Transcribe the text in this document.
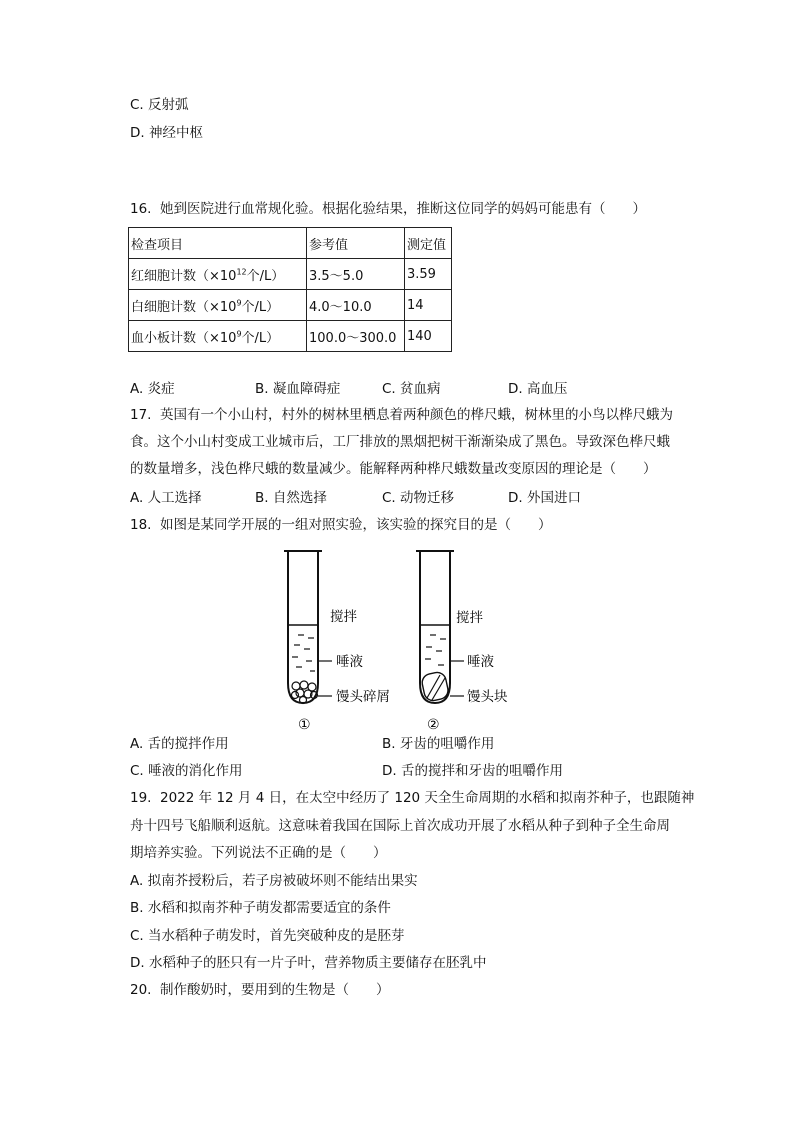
C. 反射弧
D. 神经中枢
16. 她到医院进行血常规化验。根据化验结果，推断这位同学的妈妈可能患有（　　）
检查项目	参考值	测定值
红细胞计数（$\times 10^{12}$个/L）	3.5～5.0	3.59
白细胞计数（$\times 10^9$个/L）	4.0～10.0	14
血小板计数（$\times 10^9$个/L）	100.0～300.0	140
A. 炎症	B. 凝血障碍症	C. 贫血病	D. 高血压
17. 英国有一个小山村，村外的树林里栖息着两种颜色的桦尺蛾，树林里的小鸟以桦尺蛾为
食。这个小山村变成工业城市后，工厂排放的黑烟把树干渐渐染成了黑色。导致深色桦尺蛾
的数量增多，浅色桦尺蛾的数量减少。能解释两种桦尺蛾数量改变原因的理论是（　　）
A. 人工选择	B. 自然选择	C. 动物迁移	D. 外国进口
18. 如图是某同学开展的一组对照实验，该实验的探究目的是（　　）
搅拌
唾液
馒头碎屑
①
搅拌
唾液
馒头块
②
A. 舌的搅拌作用	B. 牙齿的咀嚼作用
C. 唾液的消化作用	D. 舌的搅拌和牙齿的咀嚼作用
19. 2022 年 12 月 4 日，在太空中经历了 120 天全生命周期的水稻和拟南芥种子，也跟随神
舟十四号飞船顺利返航。这意味着我国在国际上首次成功开展了水稻从种子到种子全生命周
期培养实验。下列说法不正确的是（　　）
A. 拟南芥授粉后，若子房被破坏则不能结出果实
B. 水稻和拟南芥种子萌发都需要适宜的条件
C. 当水稻种子萌发时，首先突破种皮的是胚芽
D. 水稻种子的胚只有一片子叶，营养物质主要储存在胚乳中
20. 制作酸奶时，要用到的生物是（　　）
